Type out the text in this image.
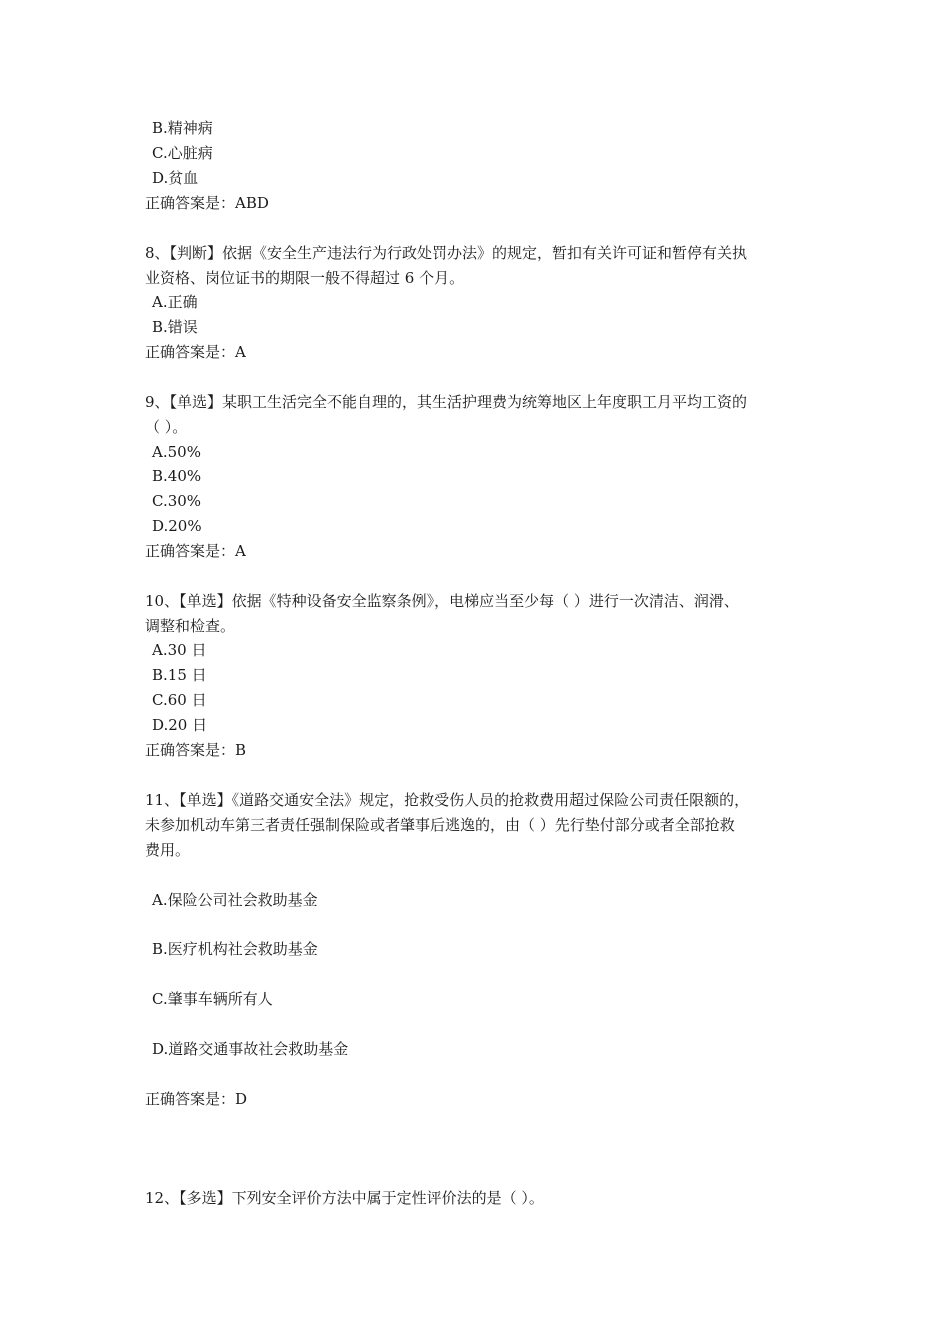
B.精神病
C.心脏病
D.贫血
正确答案是：ABD
8、【判断】依据《安全生产违法行为行政处罚办法》的规定，暂扣有关许可证和暂停有关执
业资格、岗位证书的期限一般不得超过 6 个月。
A.正确
B.错误
正确答案是：A
9、【单选】某职工生活完全不能自理的，其生活护理费为统筹地区上年度职工月平均工资的
（ ）。
A.50%
B.40%
C.30%
D.20%
正确答案是：A
10、【单选】依据《特种设备安全监察条例》，电梯应当至少每（ ）进行一次清洁、润滑、
调整和检查。
A.30 日
B.15 日
C.60 日
D.20 日
正确答案是：B
11、【单选】《道路交通安全法》规定，抢救受伤人员的抢救费用超过保险公司责任限额的，
未参加机动车第三者责任强制保险或者肇事后逃逸的，由（ ）先行垫付部分或者全部抢救
费用。
A.保险公司社会救助基金
B.医疗机构社会救助基金
C.肇事车辆所有人
D.道路交通事故社会救助基金
正确答案是：D
12、【多选】下列安全评价方法中属于定性评价法的是（ ）。
